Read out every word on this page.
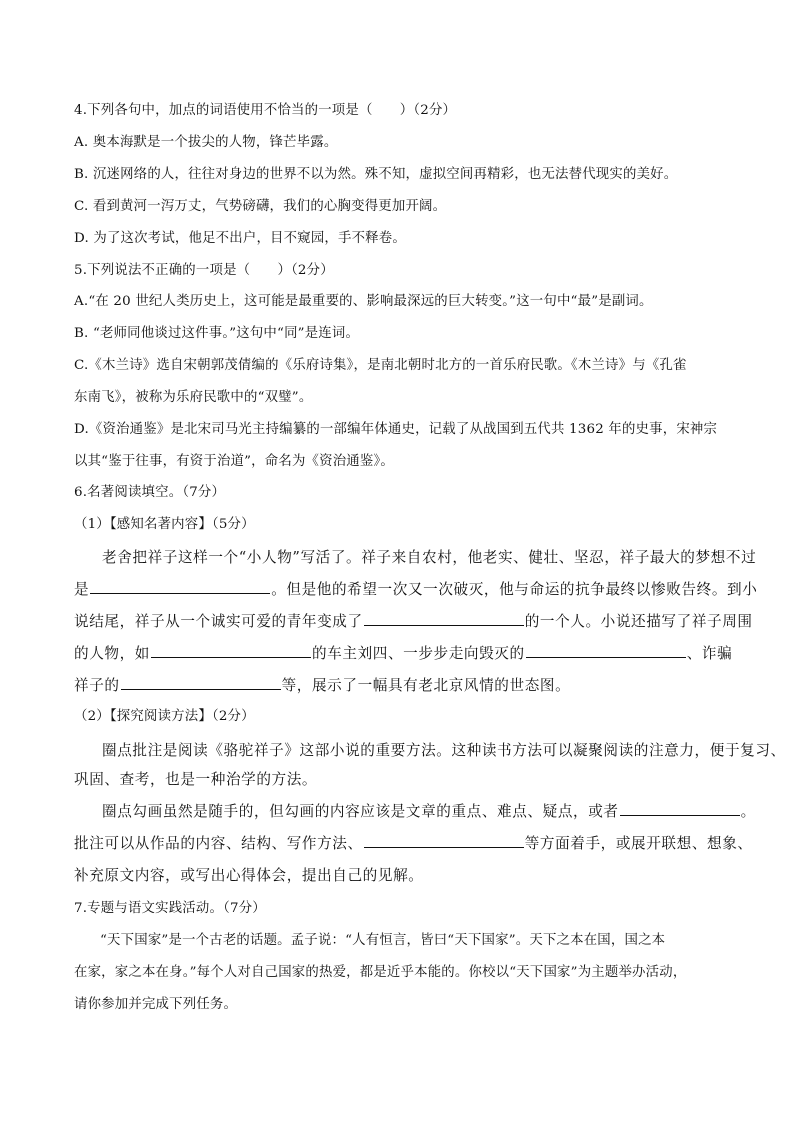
4.下列各句中，加点的词语使用不恰当的一项是（　　）（2分）
A. 奥本海默是一个拔尖的人物，锋芒毕露。
B. 沉迷网络的人，往往对身边的世界不以为然。殊不知，虚拟空间再精彩，也无法替代现实的美好。
C. 看到黄河一泻万丈，气势磅礴，我们的心胸变得更加开阔。
D. 为了这次考试，他足不出户，目不窥园，手不释卷。
5.下列说法不正确的一项是（　　）（2分）
A.“在 20 世纪人类历史上，这可能是最重要的、影响最深远的巨大转变。”这一句中“最”是副词。
B. “老师同他谈过这件事。”这句中“同”是连词。
C.《木兰诗》选自宋朝郭茂倩编的《乐府诗集》，是南北朝时北方的一首乐府民歌。《木兰诗》与《孔雀
东南飞》，被称为乐府民歌中的“双璧”。
D.《资治通鉴》是北宋司马光主持编纂的一部编年体通史，记载了从战国到五代共 1362 年的史事，宋神宗
以其“鉴于往事，有资于治道”，命名为《资治通鉴》。
6.名著阅读填空。（7分）
（1）【感知名著内容】（5分）
老舍把祥子这样一个“小人物”写活了。祥子来自农村，他老实、健壮、坚忍，祥子最大的梦想不过
是	。但是他的希望一次又一次破灭，他与命运的抗争最终以惨败告终。到小
说结尾，祥子从一个诚实可爱的青年变成了	的一个人。小说还描写了祥子周围
的人物，如	的车主刘四、一步步走向毁灭的	、诈骗
祥子的	等，展示了一幅具有老北京风情的世态图。
（2）【探究阅读方法】（2分）
圈点批注是阅读《骆驼祥子》这部小说的重要方法。这种读书方法可以凝聚阅读的注意力，便于复习、
巩固、查考，也是一种治学的方法。
圈点勾画虽然是随手的，但勾画的内容应该是文章的重点、难点、疑点，或者	。
批注可以从作品的内容、结构、写作方法、	等方面着手，或展开联想、想象、
补充原文内容，或写出心得体会，提出自己的见解。
7.专题与语文实践活动。（7分）
“天下国家”是一个古老的话题。孟子说：“人有恒言，皆曰“天下国家”。天下之本在国，国之本
在家，家之本在身。”每个人对自己国家的热爱，都是近乎本能的。你校以“天下国家”为主题举办活动，
请你参加并完成下列任务。
